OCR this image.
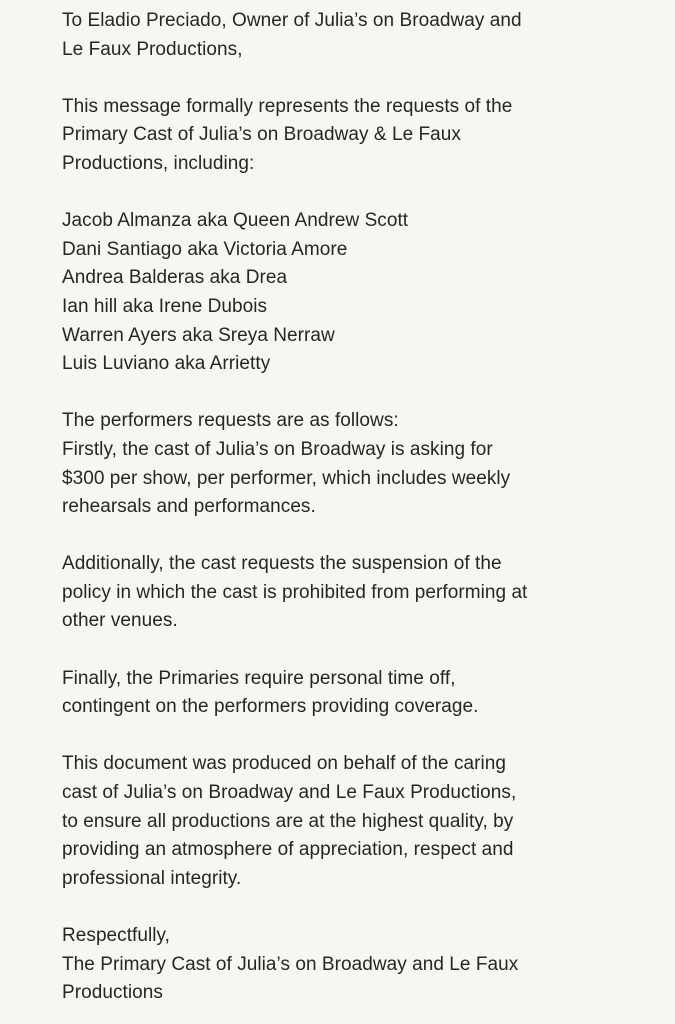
To Eladio Preciado, Owner of Julia’s on Broadway and
Le Faux Productions,
This message formally represents the requests of the
Primary Cast of Julia’s on Broadway & Le Faux
Productions, including:
Jacob Almanza aka Queen Andrew Scott
Dani Santiago aka Victoria Amore
Andrea Balderas aka Drea
Ian hill aka Irene Dubois
Warren Ayers aka Sreya Nerraw
Luis Luviano aka Arrietty
The performers requests are as follows:
Firstly, the cast of Julia’s on Broadway is asking for
$300 per show, per performer, which includes weekly
rehearsals and performances.
Additionally, the cast requests the suspension of the
policy in which the cast is prohibited from performing at
other venues.
Finally, the Primaries require personal time off,
contingent on the performers providing coverage.
This document was produced on behalf of the caring
cast of Julia’s on Broadway and Le Faux Productions,
to ensure all productions are at the highest quality, by
providing an atmosphere of appreciation, respect and
professional integrity.
Respectfully,
The Primary Cast of Julia’s on Broadway and Le Faux
Productions
